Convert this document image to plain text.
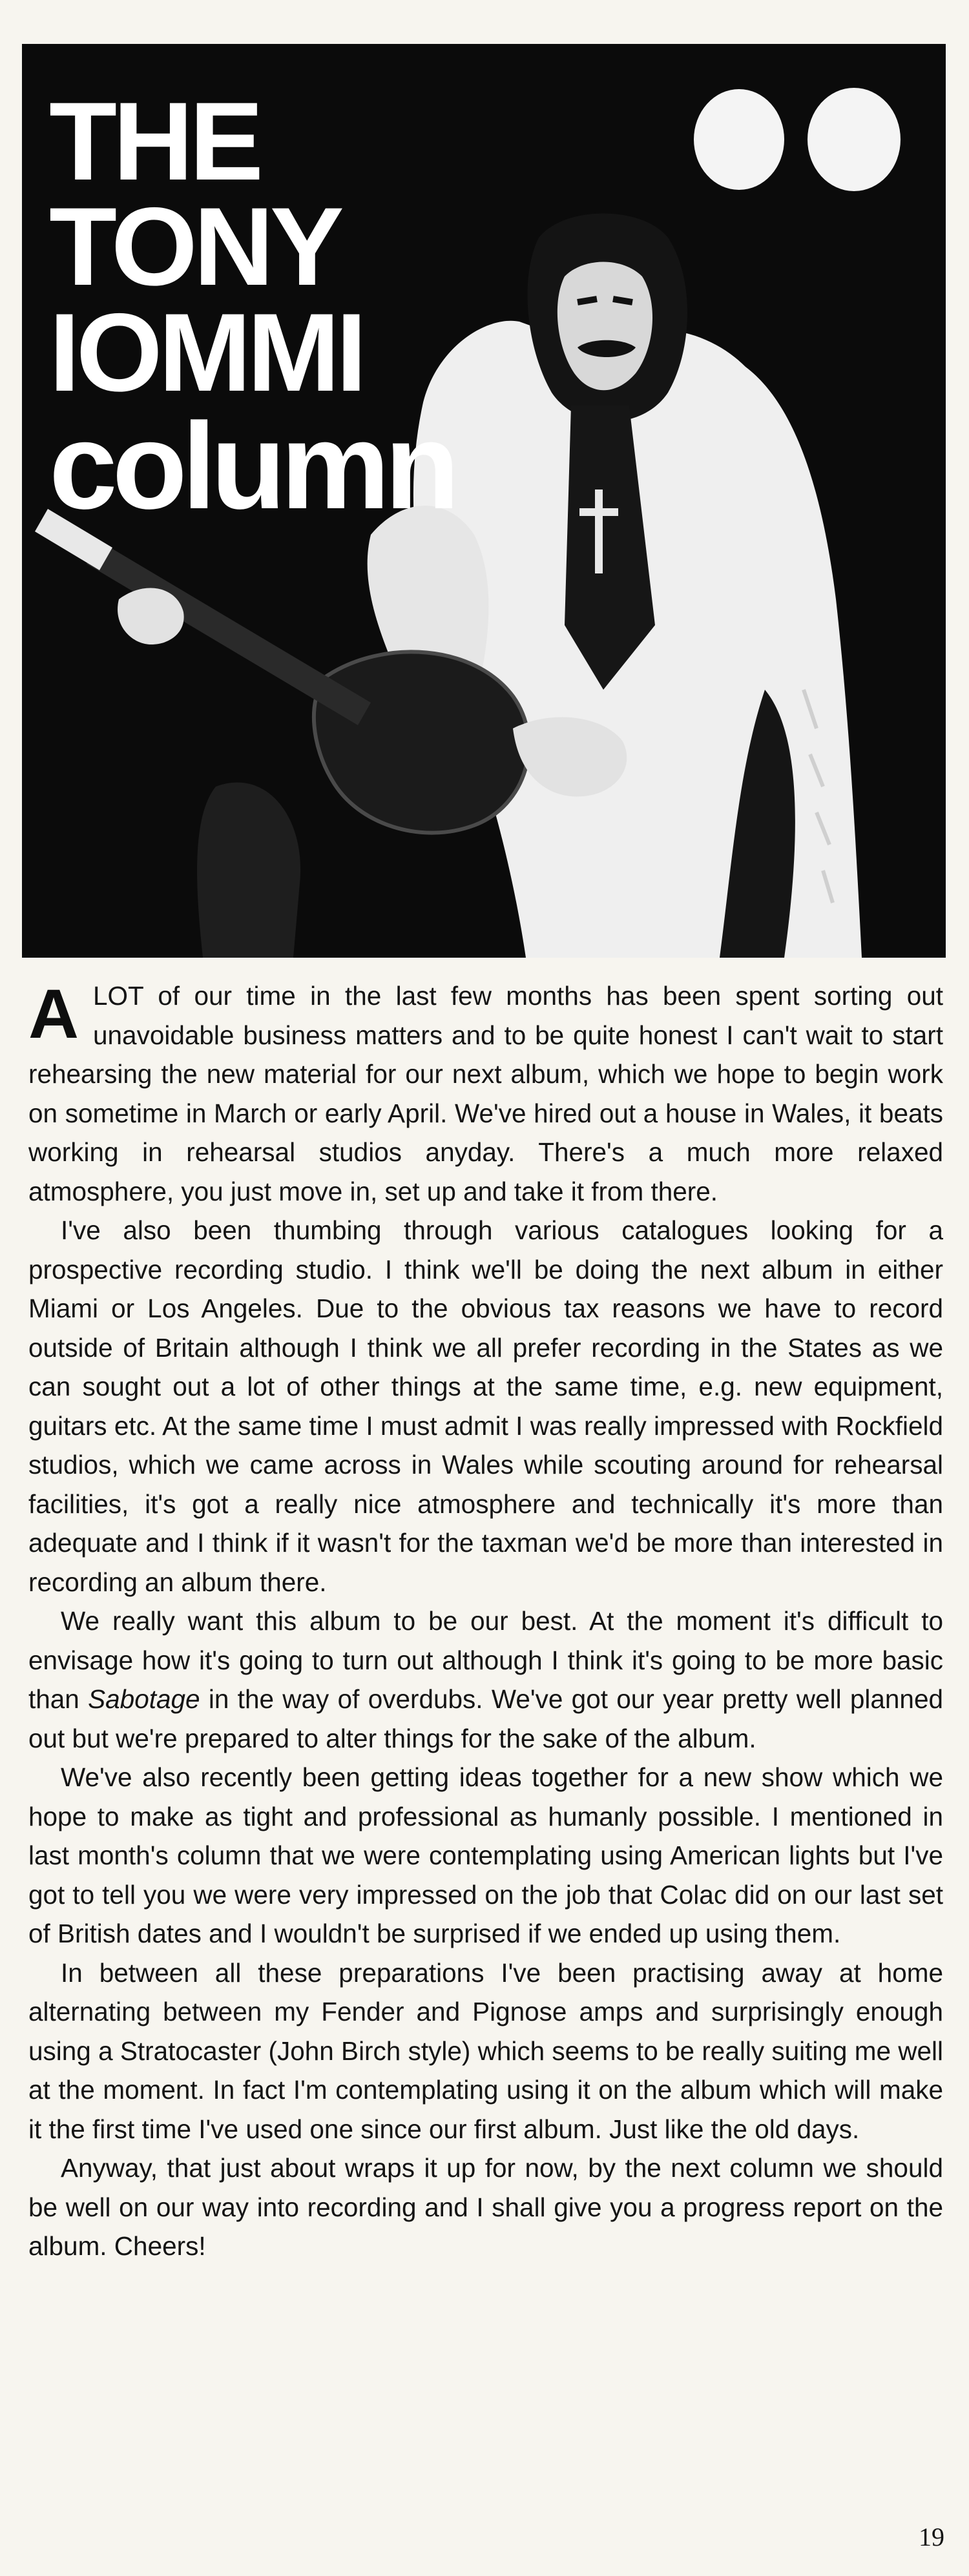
THE
TONY
IOMMI
column

ALOT of our time in the last few months has been spent sorting out unavoidable business matters and to be quite honest I can't wait to start rehearsing the new material for our next album, which we hope to begin work on sometime in March or early April. We've hired out a house in Wales, it beats working in rehearsal studios anyday. There's a much more relaxed atmosphere, you just move in, set up and take it from there.

I've also been thumbing through various catalogues looking for a prospective recording studio. I think we'll be doing the next album in either Miami or Los Angeles. Due to the obvious tax reasons we have to record outside of Britain although I think we all prefer recording in the States as we can sought out a lot of other things at the same time, e.g. new equipment, guitars etc. At the same time I must admit I was really impressed with Rockfield studios, which we came across in Wales while scouting around for rehearsal facilities, it's got a really nice atmosphere and technically it's more than adequate and I think if it wasn't for the taxman we'd be more than interested in recording an album there.

We really want this album to be our best. At the moment it's difficult to envisage how it's going to turn out although I think it's going to be more basic than Sabotage in the way of overdubs. We've got our year pretty well planned out but we're prepared to alter things for the sake of the album.

We've also recently been getting ideas together for a new show which we hope to make as tight and professional as humanly possible. I mentioned in last month's column that we were contemplating using American lights but I've got to tell you we were very impressed on the job that Colac did on our last set of British dates and I wouldn't be surprised if we ended up using them.

In between all these preparations I've been practising away at home alternating between my Fender and Pignose amps and surprisingly enough using a Stratocaster (John Birch style) which seems to be really suiting me well at the moment. In fact I'm contemplating using it on the album which will make it the first time I've used one since our first album. Just like the old days.

Anyway, that just about wraps it up for now, by the next column we should be well on our way into recording and I shall give you a progress report on the album. Cheers!

19
